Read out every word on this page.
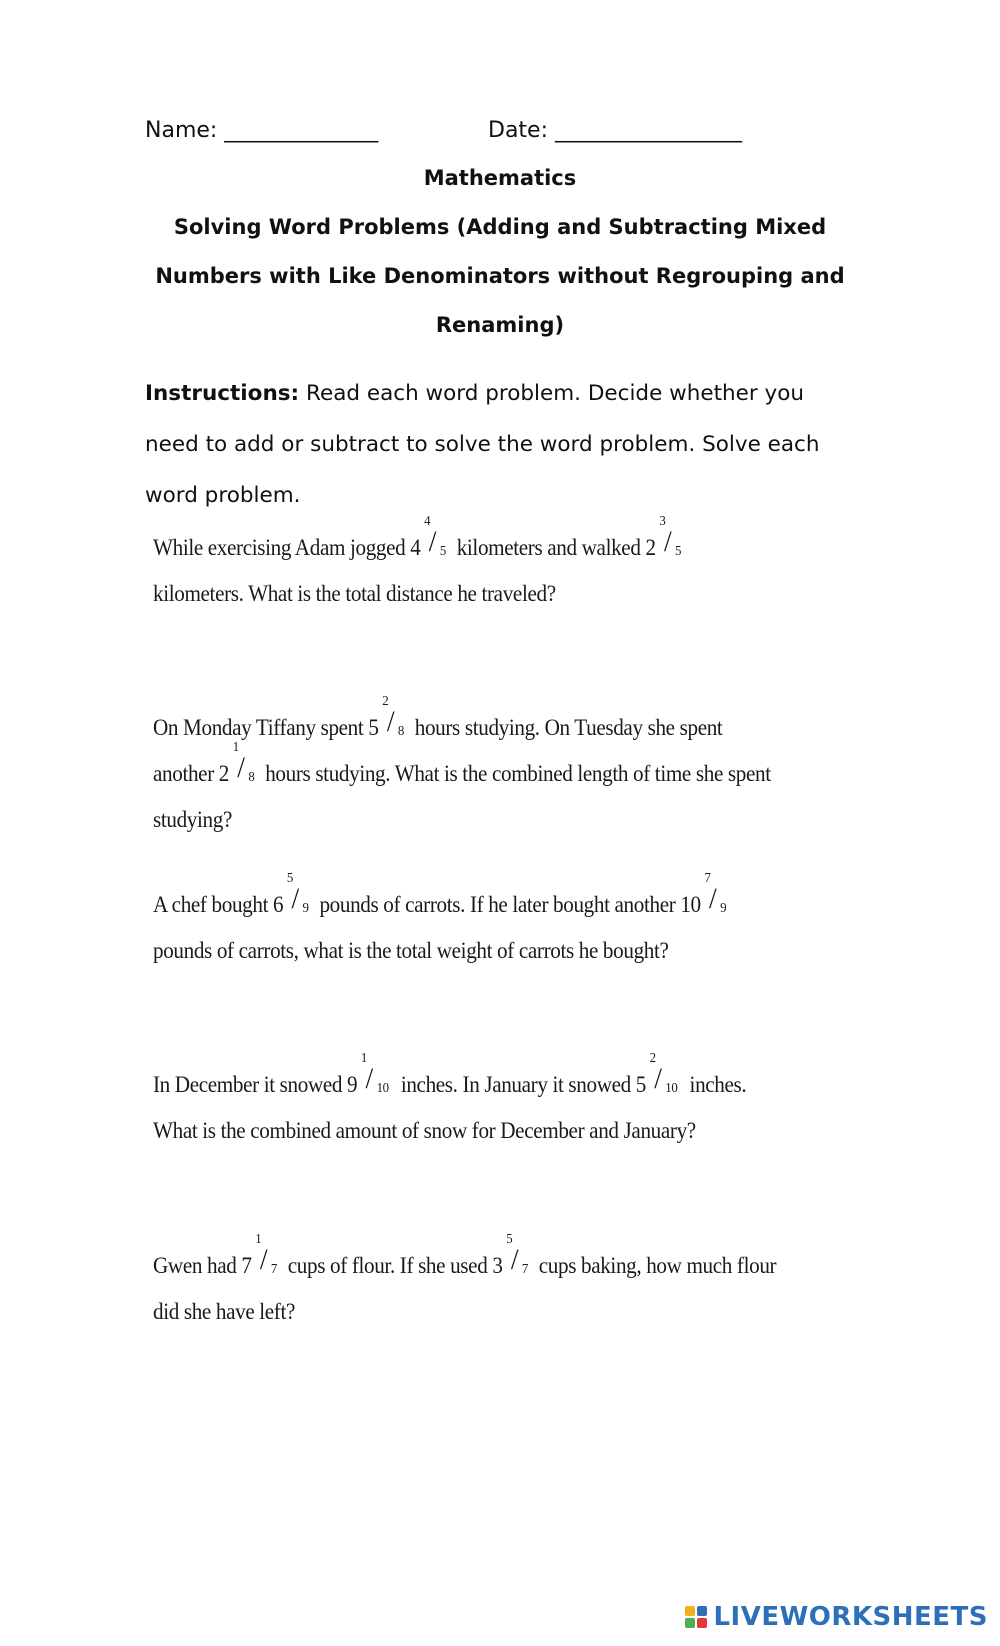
Name: ______________	Date: _________________
Mathematics
Solving Word Problems (Adding and Subtracting Mixed
Numbers with Like Denominators without Regrouping and
Renaming)
Instructions: Read each word problem. Decide whether you need to add or subtract to solve the word problem. Solve each word problem.
While exercising Adam jogged 4
4
/ 5 kilometers and walked 2
3
/ 5
kilometers. What is the total distance he traveled?
On Monday Tiffany spent 5
2
/ 8 hours studying. On Tuesday she spent another 2
1
/ 8 hours studying. What is the combined length of time she spent studying?
A chef bought 6
5
/ 9 pounds of carrots. If he later bought another 10
7
/ 9
pounds of carrots, what is the total weight of carrots he bought?
In December it snowed 9
1
/ 10 inches. In January it snowed 5
2
/ 10 inches. What is the combined amount of snow for December and January?
Gwen had 7
1
/ 7 cups of flour. If she used 3
5
/ 7 cups baking, how much flour did she have left?
LIVEWORKSHEETS
